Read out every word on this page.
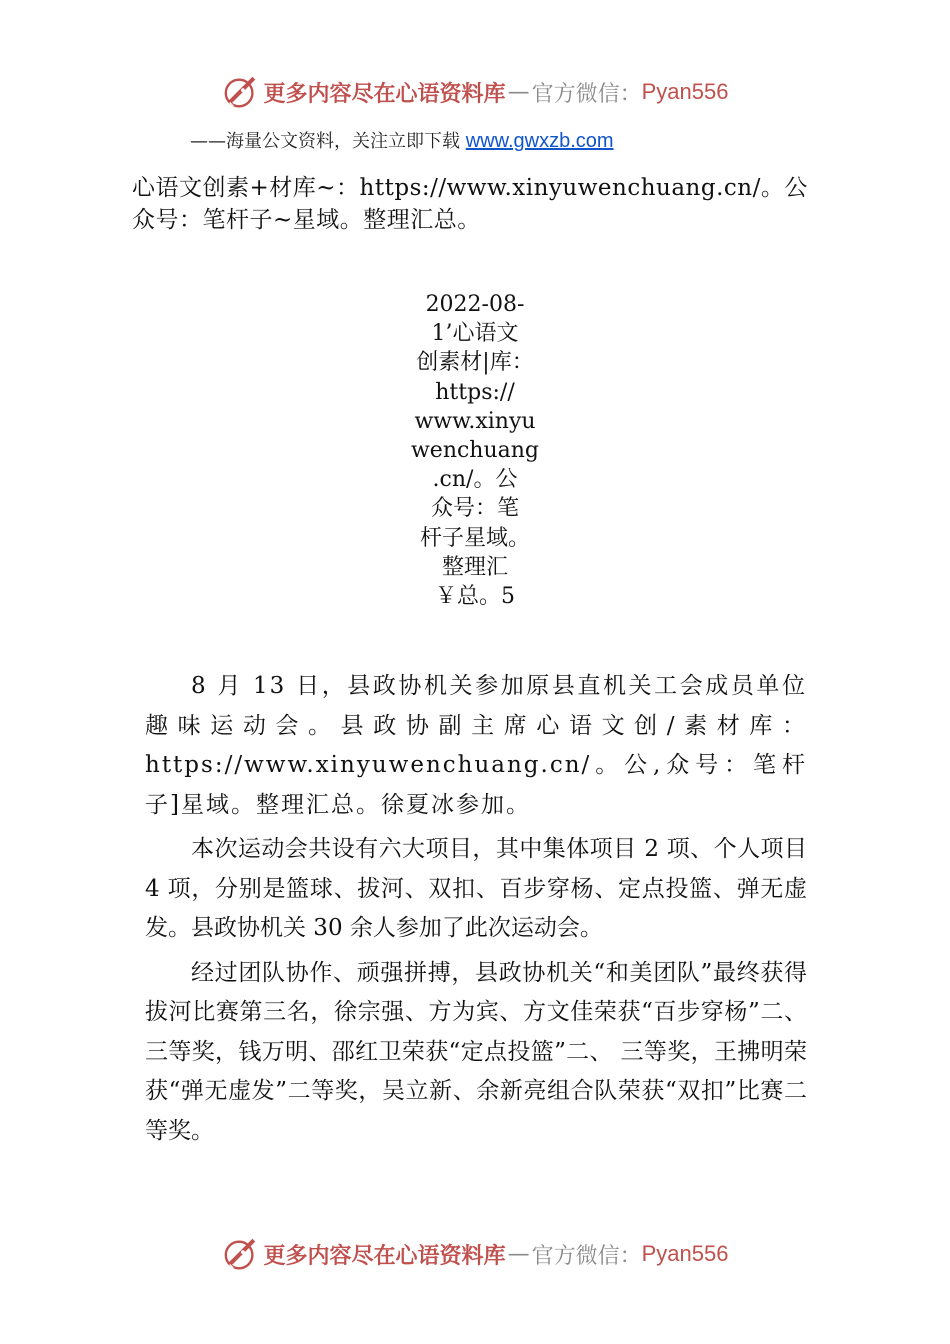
更多内容尽在心语资料库 — 官方微信： Pyan556
——海量公文资料，关注立即下载 www.gwxzb.com
心语文创素+材库~：https://www.xinyuwenchuang.cn/。公众号：笔杆子~星域。整理汇总。
2022-08-
1’心语文
创素材|库：
https://
www.xinyu
wenchuang
.cn/。公
众号：笔
杆子星域。
整理汇
￥总。5

8 月 13 日，县政协机关参加原县直机关工会成员单位趣味运动会。县政协副主席心语文创/素材库：https://www.xinyuwenchuang.cn/。公,众号：笔杆子]星域。整理汇总。徐夏冰参加。

本次运动会共设有六大项目，其中集体项目 2 项、个人项目 4 项，分别是篮球、拔河、双扣、百步穿杨、定点投篮、弹无虚发。县政协机关 30 余人参加了此次运动会。

经过团队协作、顽强拼搏，县政协机关“和美团队”最终获得拔河比赛第三名，徐宗强、方为宾、方文佳荣获“百步穿杨”二、三等奖，钱万明、邵红卫荣获“定点投篮”二、 三等奖，王拂明荣获“弹无虚发”二等奖，吴立新、余新亮组合队荣获“双扣”比赛二等奖。

更多内容尽在心语资料库 — 官方微信： Pyan556
